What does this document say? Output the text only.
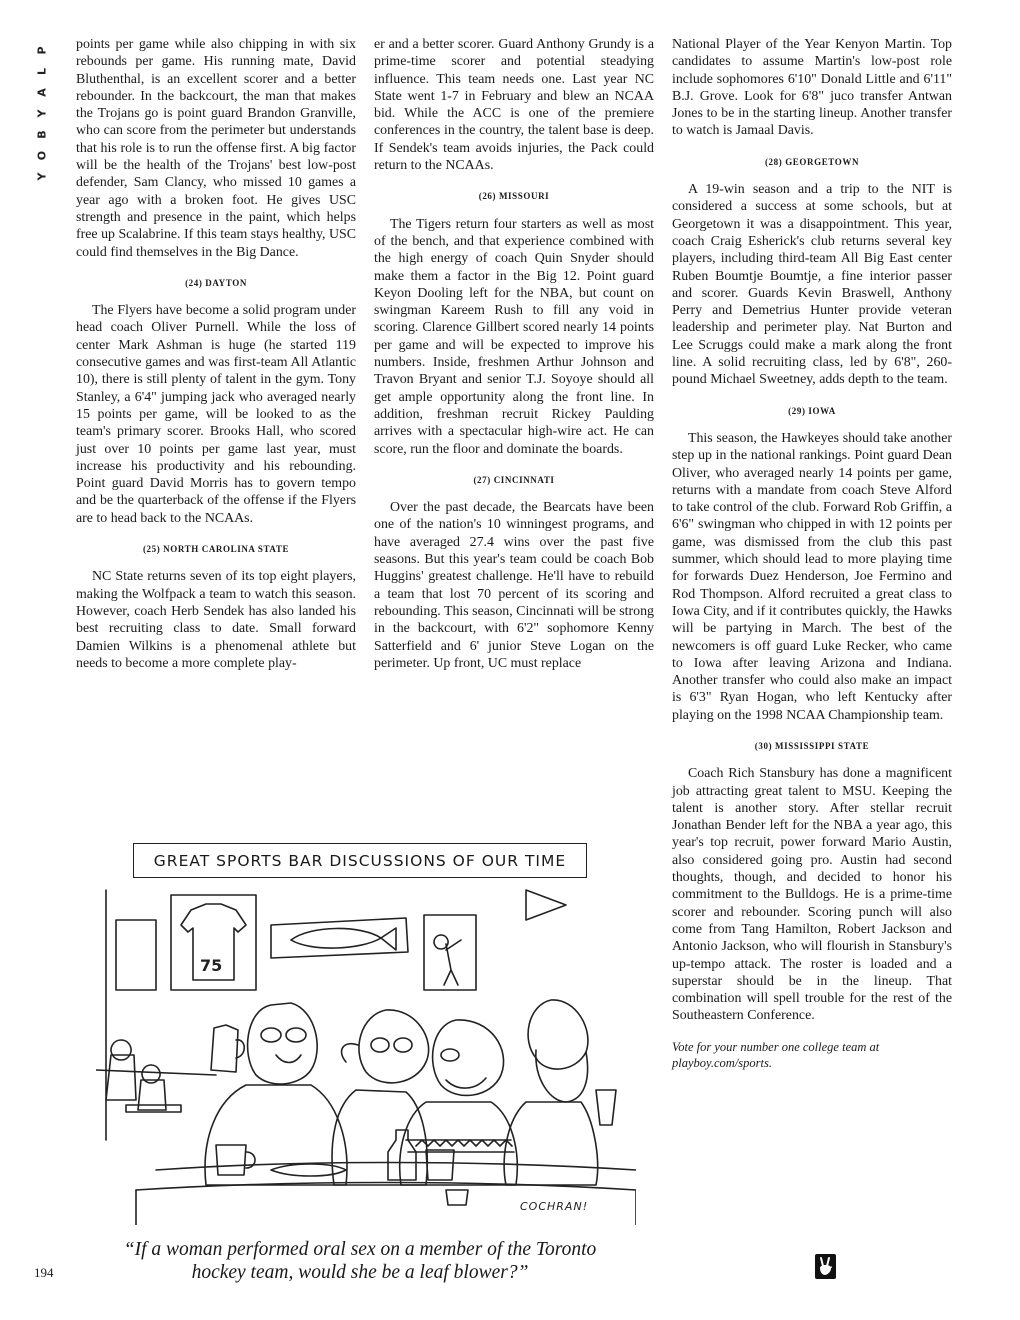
P
L
A
Y
B
O
Y

points per game while also chipping in with six rebounds per game. His running mate, David Bluthenthal, is an excellent scorer and a better rebounder. In the backcourt, the man that makes the Trojans go is point guard Brandon Granville, who can score from the perimeter but understands that his role is to run the offense first. A big factor will be the health of the Trojans' best low-post defender, Sam Clancy, who missed 10 games a year ago with a broken foot. He gives USC strength and presence in the paint, which helps free up Scalabrine. If this team stays healthy, USC could find themselves in the Big Dance.

(24) DAYTON

The Flyers have become a solid program under head coach Oliver Purnell. While the loss of center Mark Ashman is huge (he started 119 consecutive games and was first-team All Atlantic 10), there is still plenty of talent in the gym. Tony Stanley, a 6'4" jumping jack who averaged nearly 15 points per game, will be looked to as the team's primary scorer. Brooks Hall, who scored just over 10 points per game last year, must increase his productivity and his rebounding. Point guard David Morris has to govern tempo and be the quarterback of the offense if the Flyers are to head back to the NCAAs.

(25) NORTH CAROLINA STATE

NC State returns seven of its top eight players, making the Wolfpack a team to watch this season. However, coach Herb Sendek has also landed his best recruiting class to date. Small forward Damien Wilkins is a phenomenal athlete but needs to become a more complete play-

er and a better scorer. Guard Anthony Grundy is a prime-time scorer and potential steadying influence. This team needs one. Last year NC State went 1-7 in February and blew an NCAA bid. While the ACC is one of the premiere conferences in the country, the talent base is deep. If Sendek's team avoids injuries, the Pack could return to the NCAAs.

(26) MISSOURI

The Tigers return four starters as well as most of the bench, and that experience combined with the high energy of coach Quin Snyder should make them a factor in the Big 12. Point guard Keyon Dooling left for the NBA, but count on swingman Kareem Rush to fill any void in scoring. Clarence Gillbert scored nearly 14 points per game and will be expected to improve his numbers. Inside, freshmen Arthur Johnson and Travon Bryant and senior T.J. Soyoye should all get ample opportunity along the front line. In addition, freshman recruit Rickey Paulding arrives with a spectacular high-wire act. He can score, run the floor and dominate the boards.

(27) CINCINNATI

Over the past decade, the Bearcats have been one of the nation's 10 winningest programs, and have averaged 27.4 wins over the past five seasons. But this year's team could be coach Bob Huggins' greatest challenge. He'll have to rebuild a team that lost 70 percent of its scoring and rebounding. This season, Cincinnati will be strong in the backcourt, with 6'2" sophomore Kenny Satterfield and 6' junior Steve Logan on the perimeter. Up front, UC must replace

National Player of the Year Kenyon Martin. Top candidates to assume Martin's low-post role include sophomores 6'10" Donald Little and 6'11" B.J. Grove. Look for 6'8" juco transfer Antwan Jones to be in the starting lineup. Another transfer to watch is Jamaal Davis.

(28) GEORGETOWN

A 19-win season and a trip to the NIT is considered a success at some schools, but at Georgetown it was a disappointment. This year, coach Craig Esherick's club returns several key players, including third-team All Big East center Ruben Boumtje Boumtje, a fine interior passer and scorer. Guards Kevin Braswell, Anthony Perry and Demetrius Hunter provide veteran leadership and perimeter play. Nat Burton and Lee Scruggs could make a mark along the front line. A solid recruiting class, led by 6'8", 260-pound Michael Sweetney, adds depth to the team.

(29) IOWA

This season, the Hawkeyes should take another step up in the national rankings. Point guard Dean Oliver, who averaged nearly 14 points per game, returns with a mandate from coach Steve Alford to take control of the club. Forward Rob Griffin, a 6'6" swingman who chipped in with 12 points per game, was dismissed from the club this past summer, which should lead to more playing time for forwards Duez Henderson, Joe Fermino and Rod Thompson. Alford recruited a great class to Iowa City, and if it contributes quickly, the Hawks will be partying in March. The best of the newcomers is off guard Luke Recker, who came to Iowa after leaving Arizona and Indiana. Another transfer who could also make an impact is 6'3" Ryan Hogan, who left Kentucky after playing on the 1998 NCAA Championship team.

(30) MISSISSIPPI STATE

Coach Rich Stansbury has done a magnificent job attracting great talent to MSU. Keeping the talent is another story. After stellar recruit Jonathan Bender left for the NBA a year ago, this year's top recruit, power forward Mario Austin, also considered going pro. Austin had second thoughts, though, and decided to honor his commitment to the Bulldogs. He is a prime-time scorer and rebounder. Scoring punch will also come from Tang Hamilton, Robert Jackson and Antonio Jackson, who will flourish in Stansbury's up-tempo attack. The roster is loaded and a superstar should be in the lineup. That combination will spell trouble for the rest of the Southeastern Conference.

Vote for your number one college team at playboy.com/sports.

75
GREAT SPORTS BAR DISCUSSIONS OF OUR TIME
COCHRAN!
“If a woman performed oral sex on a member of the Toronto hockey team, would she be a leaf blower?”
194
